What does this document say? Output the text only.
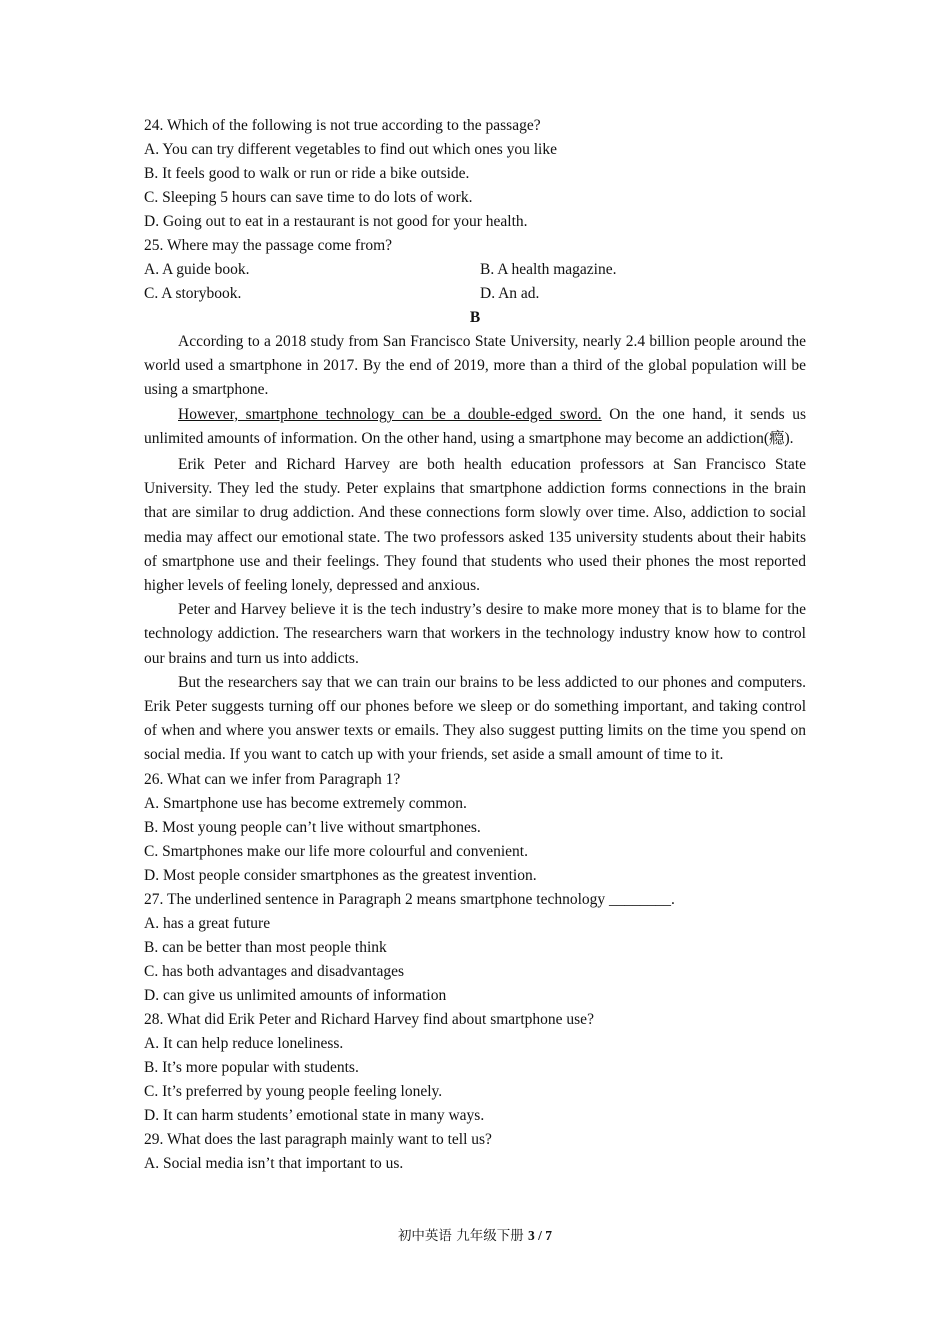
24. Which of the following is not true according to the passage?
A. You can try different vegetables to find out which ones you like
B. It feels good to walk or run or ride a bike outside.
C. Sleeping 5 hours can save time to do lots of work.
D. Going out to eat in a restaurant is not good for your health.
25. Where may the passage come from?
A. A guide book.	B. A health magazine.
C. A storybook.	D. An ad.
B

According to a 2018 study from San Francisco State University, nearly 2.4 billion people around the world used a smartphone in 2017. By the end of 2019, more than a third of the global population will be using a smartphone.

However, smartphone technology can be a double-edged sword. On the one hand, it sends us unlimited amounts of information. On the other hand, using a smartphone may become an addiction(瘾).

Erik Peter and Richard Harvey are both health education professors at San Francisco State University. They led the study. Peter explains that smartphone addiction forms connections in the brain that are similar to drug addiction. And these connections form slowly over time. Also, addiction to social media may affect our emotional state. The two professors asked 135 university students about their habits of smartphone use and their feelings. They found that students who used their phones the most reported higher levels of feeling lonely, depressed and anxious.

Peter and Harvey believe it is the tech industry’s desire to make more money that is to blame for the technology addiction. The researchers warn that workers in the technology industry know how to control our brains and turn us into addicts.

But the researchers say that we can train our brains to be less addicted to our phones and computers. Erik Peter suggests turning off our phones before we sleep or do something important, and taking control of when and where you answer texts or emails. They also suggest putting limits on the time you spend on social media. If you want to catch up with your friends, set aside a small amount of time to it.

26. What can we infer from Paragraph 1?
A. Smartphone use has become extremely common.
B. Most young people can’t live without smartphones.
C. Smartphones make our life more colourful and convenient.
D. Most people consider smartphones as the greatest invention.
27. The underlined sentence in Paragraph 2 means smartphone technology ________.
A. has a great future
B. can be better than most people think
C. has both advantages and disadvantages
D. can give us unlimited amounts of information
28. What did Erik Peter and Richard Harvey find about smartphone use?
A. It can help reduce loneliness.
B. It’s more popular with students.
C. It’s preferred by young people feeling lonely.
D. It can harm students’ emotional state in many ways.
29. What does the last paragraph mainly want to tell us?
A. Social media isn’t that important to us.
初中英语 九年级下册 3 / 7
